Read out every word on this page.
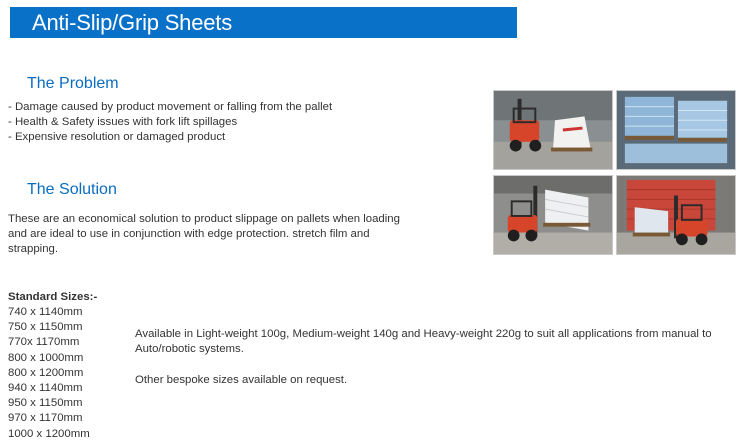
Anti-Slip/Grip Sheets
The Problem
- Damage caused by product movement or falling from the pallet
- Health & Safety issues with fork lift spillages
- Expensive resolution or damaged product
The Solution

These are an economical solution to product slippage on pallets when loading and are ideal to use in conjunction with edge protection. stretch film and strapping.

Standard Sizes:-
740 x 1140mm
750 x 1150mm
770x 1170mm
800 x 1000mm
800 x 1200mm
940 x 1140mm
950 x 1150mm
970 x 1170mm
1000 x 1200mm

Available in Light-weight 100g, Medium-weight 140g and Heavy-weight 220g to suit all applications from manual to Auto/robotic systems.

Other bespoke sizes available on request.
